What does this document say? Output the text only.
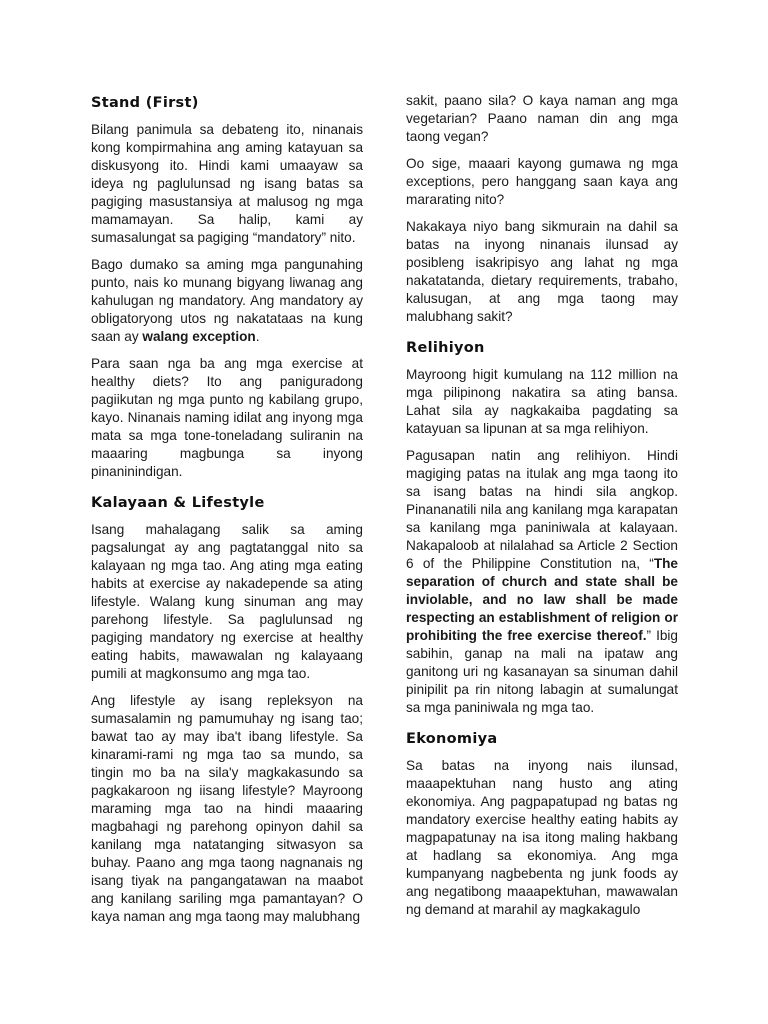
Stand (First)

Bilang panimula sa debateng ito, ninanais kong kompirmahina ang aming katayuan sa diskusyong ito. Hindi kami umaayaw sa ideya ng paglulunsad ng isang batas sa pagiging masustansiya at malusog ng mga mamamayan. Sa halip, kami ay sumasalungat sa pagiging “mandatory” nito.

Bago dumako sa aming mga pangunahing punto, nais ko munang bigyang liwanag ang kahulugan ng mandatory. Ang mandatory ay obligatoryong utos ng nakatataas na kung saan ay walang exception.

Para saan nga ba ang mga exercise at healthy diets? Ito ang paniguradong pagiikutan ng mga punto ng kabilang grupo, kayo. Ninanais naming idilat ang inyong mga mata sa mga tone-toneladang suliranin na maaaring magbunga sa inyong pinaninindigan.

Kalayaan & Lifestyle

Isang mahalagang salik sa aming pagsalungat ay ang pagtatanggal nito sa kalayaan ng mga tao. Ang ating mga eating habits at exercise ay nakadepende sa ating lifestyle. Walang kung sinuman ang may parehong lifestyle. Sa paglulunsad ng pagiging mandatory ng exercise at healthy eating habits, mawawalan ng kalayaang pumili at magkonsumo ang mga tao.

Ang lifestyle ay isang repleksyon na sumasalamin ng pamumuhay ng isang tao; bawat tao ay may iba't ibang lifestyle. Sa kinarami-rami ng mga tao sa mundo, sa tingin mo ba na sila'y magkakasundo sa pagkakaroon ng iisang lifestyle? Mayroong maraming mga tao na hindi maaaring magbahagi ng parehong opinyon dahil sa kanilang mga natatanging sitwasyon sa buhay. Paano ang mga taong nagnanais ng isang tiyak na pangangatawan na maabot ang kanilang sariling mga pamantayan? O kaya naman ang mga taong may malubhang

sakit, paano sila? O kaya naman ang mga vegetarian? Paano naman din ang mga taong vegan?

Oo sige, maaari kayong gumawa ng mga exceptions, pero hanggang saan kaya ang mararating nito?

Nakakaya niyo bang sikmurain na dahil sa batas na inyong ninanais ilunsad ay posibleng isakripisyo ang lahat ng mga nakatatanda, dietary requirements, trabaho, kalusugan, at ang mga taong may malubhang sakit?

Relihiyon

Mayroong higit kumulang na 112 million na mga pilipinong nakatira sa ating bansa. Lahat sila ay nagkakaiba pagdating sa katayuan sa lipunan at sa mga relihiyon.

Pagusapan natin ang relihiyon. Hindi magiging patas na itulak ang mga taong ito sa isang batas na hindi sila angkop. Pinananatili nila ang kanilang mga karapatan sa kanilang mga paniniwala at kalayaan. Nakapaloob at nilalahad sa Article 2 Section 6 of the Philippine Constitution na, “The separation of church and state shall be inviolable, and no law shall be made respecting an establishment of religion or prohibiting the free exercise thereof.” Ibig sabihin, ganap na mali na ipataw ang ganitong uri ng kasanayan sa sinuman dahil pinipilit pa rin nitong labagin at sumalungat sa mga paniniwala ng mga tao.

Ekonomiya

Sa batas na inyong nais ilunsad, maaapektuhan nang husto ang ating ekonomiya. Ang pagpapatupad ng batas ng mandatory exercise healthy eating habits ay magpapatunay na isa itong maling hakbang at hadlang sa ekonomiya. Ang mga kumpanyang nagbebenta ng junk foods ay ang negatibong maaapektuhan, mawawalan ng demand at marahil ay magkakagulo
